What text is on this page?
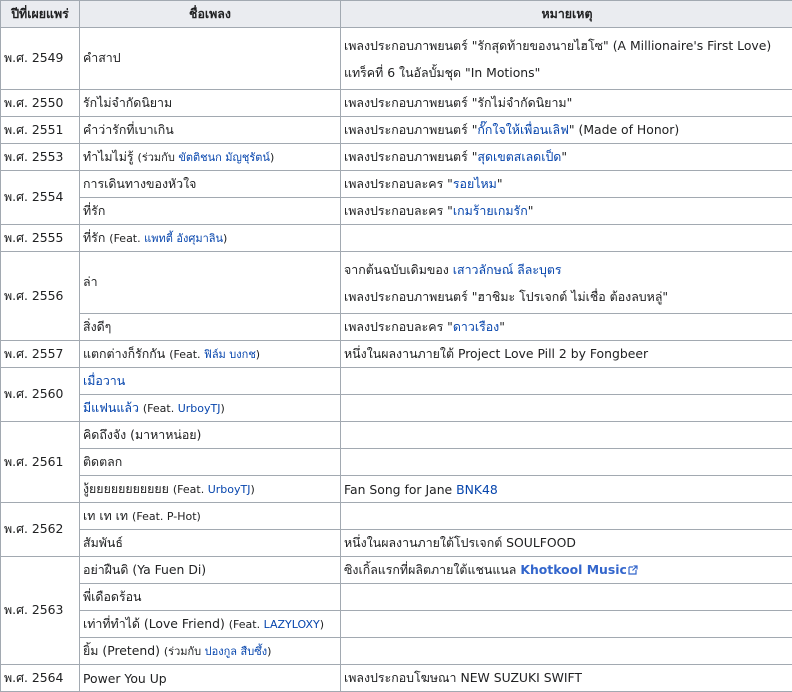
ปีที่เผยแพร่	ชื่อเพลง	หมายเหตุ
พ.ศ. 2549	คำสาป	เพลงประกอบภาพยนตร์ "รักสุดท้ายของนายไฮโซ" (A Millionaire's First Love)
แทร็คที่ 6 ในอัลบั้มชุด "In Motions"

พ.ศ. 2550	รักไม่จำกัดนิยาม	เพลงประกอบภาพยนตร์ "รักไม่จำกัดนิยาม"
พ.ศ. 2551	คำว่ารักที่เบาเกิน	เพลงประกอบภาพยนตร์ "กั๊กใจให้เพื่อนเลิฟ" (Made of Honor)
พ.ศ. 2553	ทำไมไม่รู้ (ร่วมกับ ขัตติชนก มัญชุรัตน์)	เพลงประกอบภาพยนตร์ "สุดเขตสเลดเป็ด"
พ.ศ. 2554	การเดินทางของหัวใจ	เพลงประกอบละคร "รอยไหม"
	ที่รัก	เพลงประกอบละคร "เกมร้ายเกมรัก"
พ.ศ. 2555	ที่รัก (Feat. แพทตี้ อังศุมาลิน)	
พ.ศ. 2556	ล่า	จากต้นฉบับเดิมของ เสาวลักษณ์ ลีละบุตร
เพลงประกอบภาพยนตร์ "ฮาชิมะ โปรเจกต์ ไม่เชื่อ ต้องลบหลู่"

	สิ่งดีๆ	เพลงประกอบละคร "ดาวเรือง"
พ.ศ. 2557	แตกต่างก็รักกัน (Feat. ฟิล์ม บงกช)	หนึ่งในผลงานภายใต้ Project Love Pill 2 by Fongbeer
พ.ศ. 2560	เมื่อวาน	
	มีแฟนแล้ว (Feat. UrboyTJ)	
พ.ศ. 2561	คิดถึงจัง (มาหาหน่อย)	
	ติดตลก	
	งู้ยยยยยยยยยยย (Feat. UrboyTJ)	Fan Song for Jane BNK48
พ.ศ. 2562	เท เท เท (Feat. P-Hot)	
	สัมพันธ์	หนึ่งในผลงานภายใต้โปรเจกต์ SOULFOOD
พ.ศ. 2563	อย่าฝืนดิ (Ya Fuen Di)	ซิงเกิ้ลแรกที่ผลิตภายใต้แชนแนล Khotkool Music
	พี่เดือดร้อน	
	เท่าที่ทำได้ (Love Friend) (Feat. LAZYLOXY)	
	ยิ้ม (Pretend) (ร่วมกับ ปองกูล สืบซึ้ง)	
พ.ศ. 2564	Power You Up	เพลงประกอบโฆษณา NEW SUZUKI SWIFT
